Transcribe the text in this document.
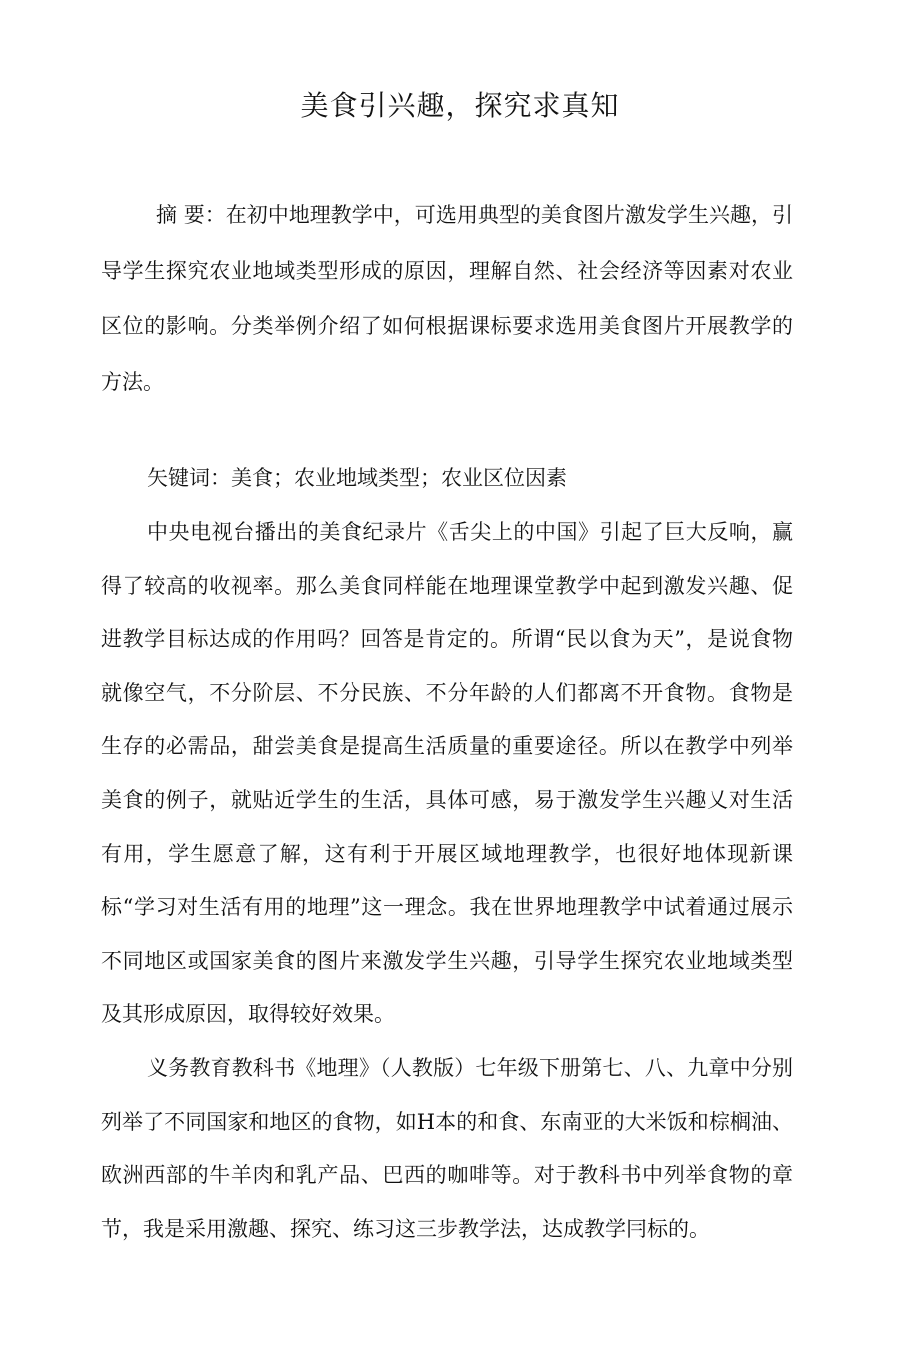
美食引兴趣，探究求真知

摘 要：在初中地理教学中，可选用典型的美食图片激发学生兴趣，引导学生探究农业地域类型形成的原因，理解自然、社会经济等因素对农业区位的影响。分类举例介绍了如何根据课标要求选用美食图片开展教学的方法。

矢键词：美食；农业地域类型；农业区位因素

中央电视台播出的美食纪录片《舌尖上的中国》引起了巨大反响，赢得了较高的收视率。那么美食同样能在地理课堂教学中起到激发兴趣、促进教学目标达成的作用吗？回答是肯定的。所谓“民以食为天”，是说食物就像空气，不分阶层、不分民族、不分年龄的人们都离不开食物。食物是生存的必需品，甜尝美食是提高生活质量的重要途径。所以在教学中列举美食的例子，就贴近学生的生活，具体可感，易于激发学生兴趣乂对生活有用，学生愿意了解，这有利于开展区域地理教学，也很好地体现新课标“学习对生活有用的地理”这一理念。我在世界地理教学中试着通过展示不同地区或国家美食的图片来激发学生兴趣，引导学生探究农业地域类型及其形成原因，取得较好效果。

义务教育教科书《地理》（人教版）七年级下册第七、八、九章中分别列举了不同国家和地区的食物，如H本的和食、东南亚的大米饭和棕榈油、欧洲西部的牛羊肉和乳产品、巴西的咖啡等。对于教科书中列举食物的章节，我是采用激趣、探究、练习这三步教学法，达成教学冃标的。
